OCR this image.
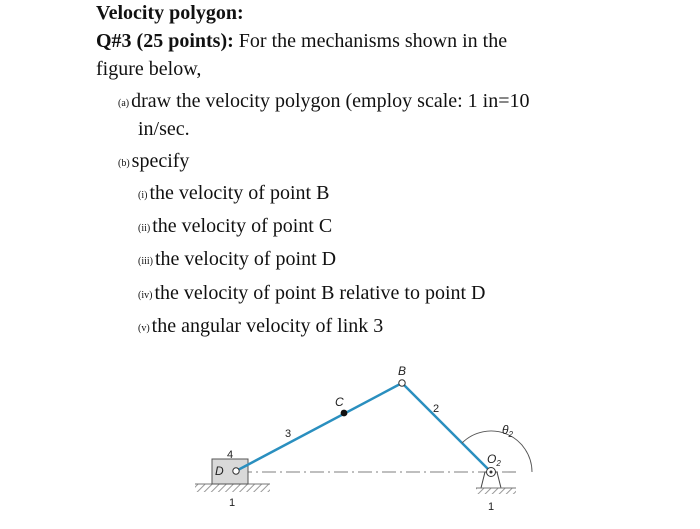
Velocity polygon:
Q#3 (25 points): For the mechanisms shown in the
figure below,
(a) draw the velocity polygon (employ scale: 1 in=10
in/sec.
(b) specify
(i) the velocity of point B
(ii) the velocity of point C
(iii) the velocity of point D
(iv) the velocity of point B relative to point D
(v) the angular velocity of link 3
B
C
D
3
2
4	$O_2$
$\theta_2$
1	1
